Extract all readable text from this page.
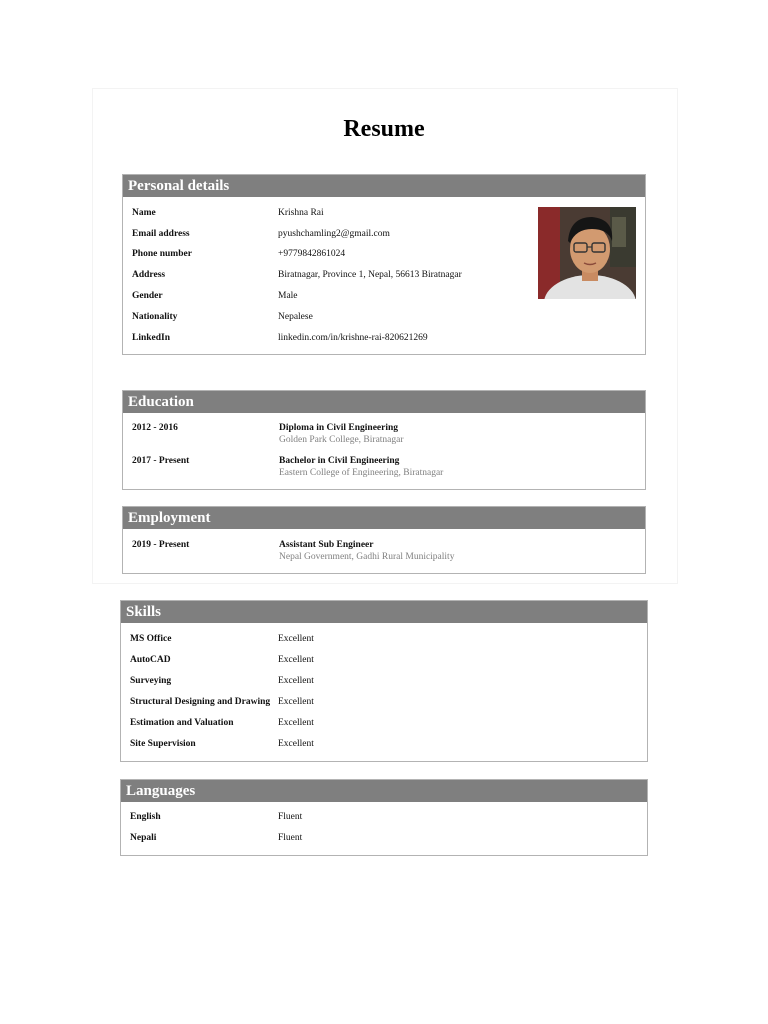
Resume
Personal details
Name	Krishna Rai
Email address	pyushchamling2@gmail.com
Phone number	+9779842861024
Address	Biratnagar, Province 1, Nepal, 56613 Biratnagar
Gender	Male
Nationality	Nepalese
LinkedIn	linkedin.com/in/krishne-rai-820621269
Education
2012 - 2016	Diploma in Civil Engineering
Golden Park College, Biratnagar
2017 - Present	Bachelor in Civil Engineering
Eastern College of Engineering, Biratnagar
Employment
2019 - Present	Assistant Sub Engineer
Nepal Government, Gadhi Rural Municipality
Skills
MS Office	Excellent
AutoCAD	Excellent
Surveying	Excellent
Structural Designing and Drawing Excellent
Estimation and Valuation	Excellent
Site Supervision	Excellent
Languages
English	Fluent
Nepali	Fluent
